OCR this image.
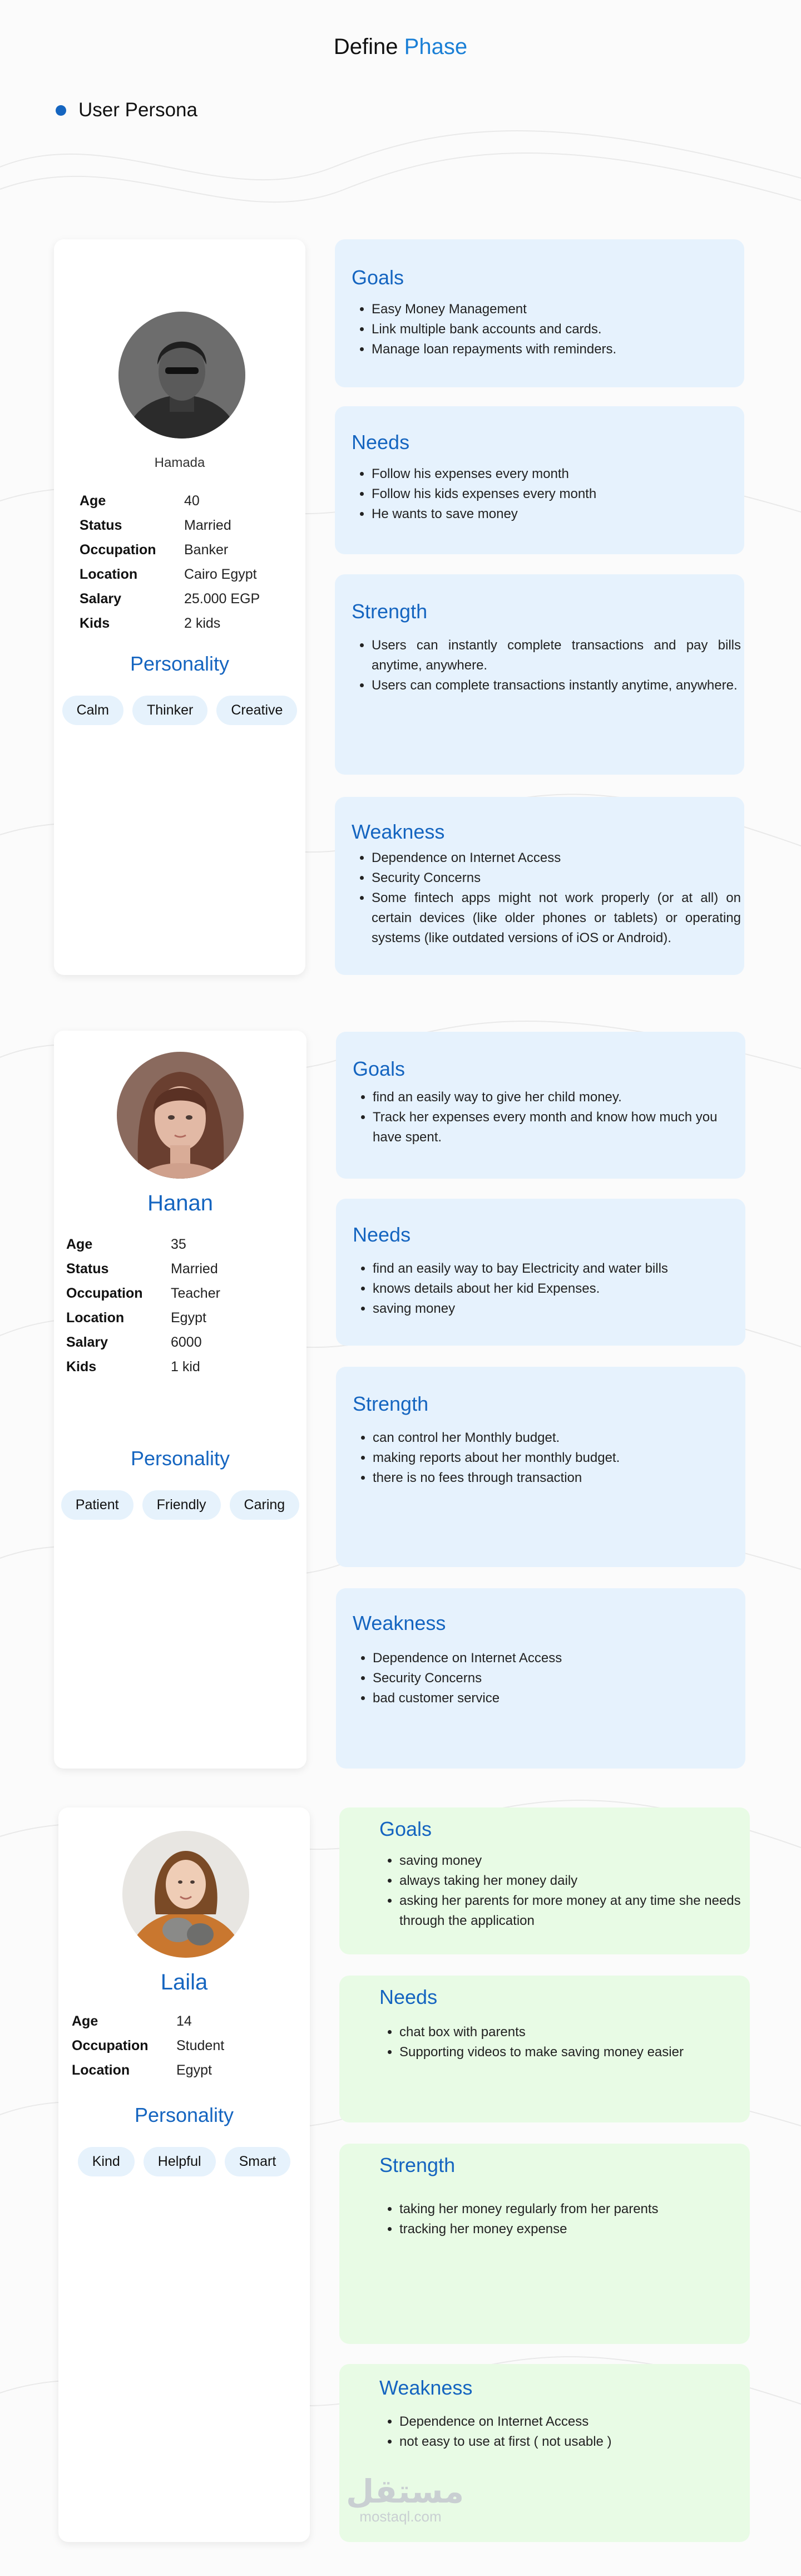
Define Phase
User Persona
Hamada
Age	40
Status	Married
Occupation	Banker
Location	Cairo Egypt
Salary	25.000 EGP
Kids	2 kids
Personality
Calm	Thinker	Creative
Goals
• Easy Money Management
• Link multiple bank accounts and cards.
• Manage loan repayments with reminders.
Needs
• Follow his expenses every month
• Follow his kids expenses every month
• He wants to save money
Strength
• Users can instantly complete transactions and pay bills anytime, anywhere.
• Users can complete transactions instantly anytime, anywhere.
Weakness
• Dependence on Internet Access
• Security Concerns
• Some fintech apps might not work properly (or at all) on certain devices (like older phones or tablets) or operating systems (like outdated versions of iOS or Android).
Hanan
Age	35
Status	Married
Occupation	Teacher
Location	Egypt
Salary	6000
Kids	1 kid
Personality
Patient	Friendly	Caring
Goals
• find an easily way to give her child money.
• Track her expenses every month and know how much you have spent.
Needs
• find an easily way to bay Electricity and water bills
• knows details about her kid Expenses.
• saving money
Strength
• can control her Monthly budget.
• making reports about her monthly budget.
• there is no fees through transaction
Weakness
• Dependence on Internet Access
• Security Concerns
• bad customer service
Laila
Age	14
Occupation	Student
Location	Egypt
Personality
Kind	Helpful	Smart
Goals
• saving money
• always taking her money daily
• asking her parents for more money at any time she needs through the application
Needs
• chat box with parents
• Supporting videos to make saving money easier
Strength
• taking her money regularly from her parents
• tracking her money expense
Weakness
• Dependence on Internet Access
• not easy to use at first ( not usable )
مستقل
mostaql.com
